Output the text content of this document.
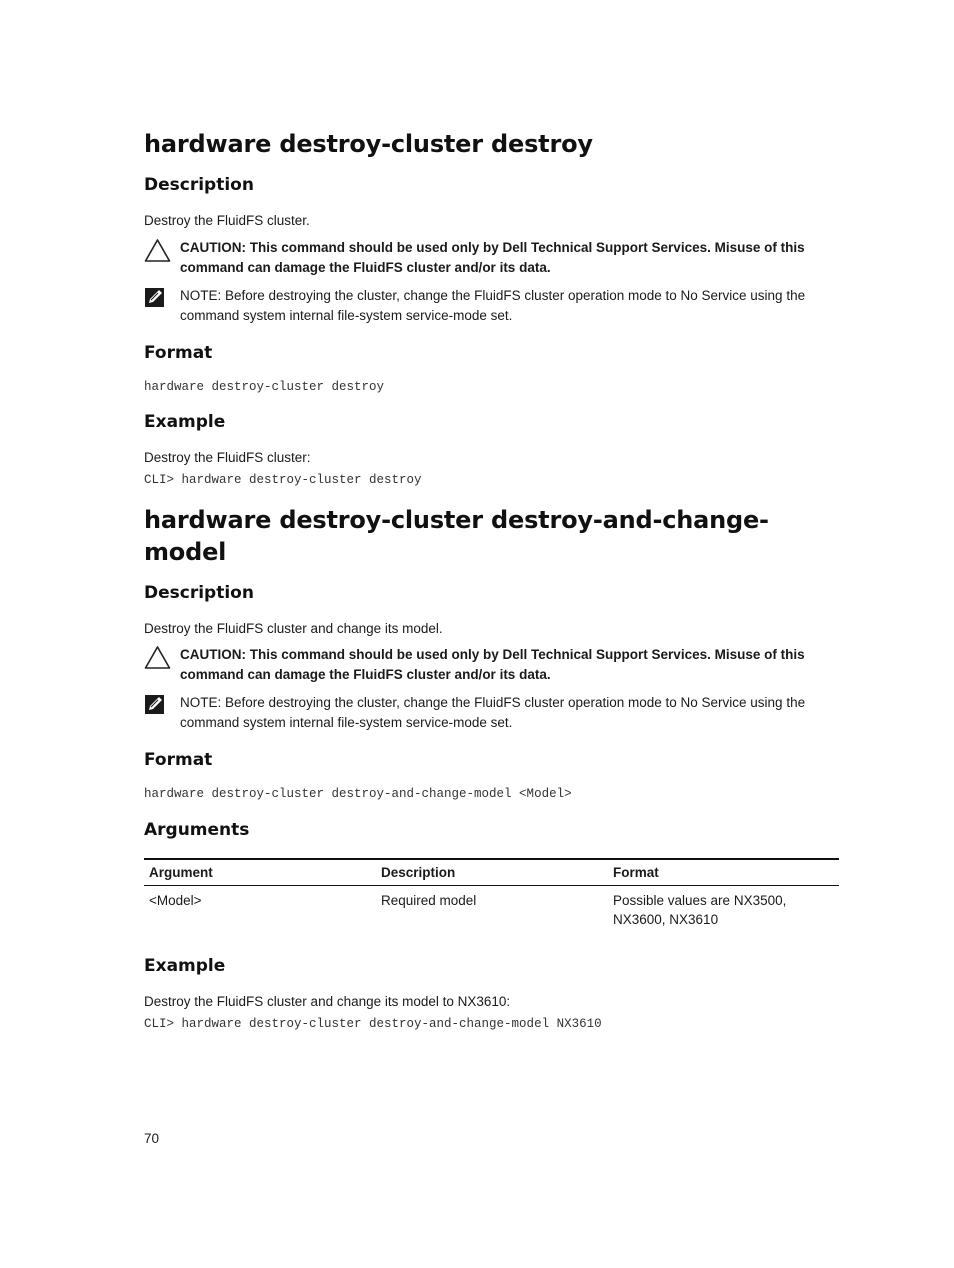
hardware destroy-cluster destroy
Description

Destroy the FluidFS cluster.

CAUTION: This command should be used only by Dell Technical Support Services. Misuse of this command can damage the FluidFS cluster and/or its data.
NOTE: Before destroying the cluster, change the FluidFS cluster operation mode to No Service using the command system internal file-system service-mode set.
Format
hardware destroy-cluster destroy
Example

Destroy the FluidFS cluster:

CLI> hardware destroy-cluster destroy
hardware destroy-cluster destroy-and-change-model
Description

Destroy the FluidFS cluster and change its model.

CAUTION: This command should be used only by Dell Technical Support Services. Misuse of this command can damage the FluidFS cluster and/or its data.
NOTE: Before destroying the cluster, change the FluidFS cluster operation mode to No Service using the command system internal file-system service-mode set.
Format
hardware destroy-cluster destroy-and-change-model <Model>
Arguments
Argument	Description	Format
<Model>	Required model	Possible values are NX3500, NX3600, NX3610
Example

Destroy the FluidFS cluster and change its model to NX3610:

CLI> hardware destroy-cluster destroy-and-change-model NX3610
70
